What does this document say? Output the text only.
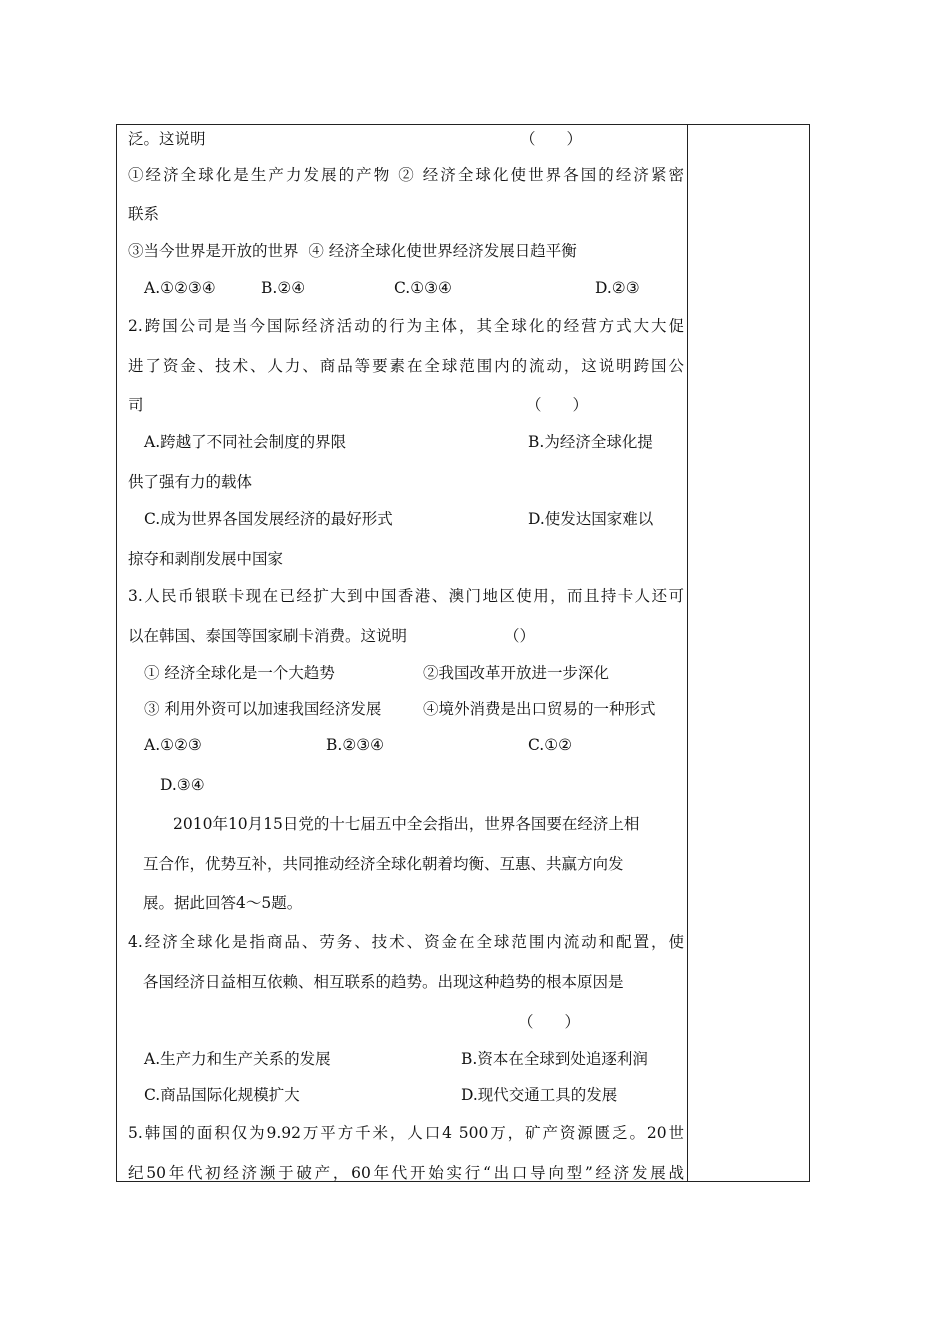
泛。这说明	（　　）
①经济全球化是生产力发展的产物 ② 经济全球化使世界各国的经济紧密
联系
③当今世界是开放的世界  ④ 经济全球化使世界经济发展日趋平衡
A.①②③④	B.②④	C.①③④	D.②③
2.跨国公司是当今国际经济活动的行为主体，其全球化的经营方式大大促
进了资金、技术、人力、商品等要素在全球范围内的流动，这说明跨国公
司	（　　）
A.跨越了不同社会制度的界限	B.为经济全球化提
供了强有力的载体
C.成为世界各国发展经济的最好形式	D.使发达国家难以
掠夺和剥削发展中国家
3.人民币银联卡现在已经扩大到中国香港、澳门地区使用，而且持卡人还可
以在韩国、泰国等国家刷卡消费。这说明	（）
① 经济全球化是一个大趋势	②我国改革开放进一步深化
③ 利用外资可以加速我国经济发展	④境外消费是出口贸易的一种形式
A.①②③	B.②③④	C.①②
D.③④
2010年10月15日党的十七届五中全会指出，世界各国要在经济上相
互合作，优势互补，共同推动经济全球化朝着均衡、互惠、共赢方向发
展。据此回答4～5题。
4.经济全球化是指商品、劳务、技术、资金在全球范围内流动和配置，使
各国经济日益相互依赖、相互联系的趋势。出现这种趋势的根本原因是
（　　）
A.生产力和生产关系的发展	B.资本在全球到处追逐利润
C.商品国际化规模扩大	D.现代交通工具的发展
5.韩国的面积仅为9.92万平方千米，人口4 500万，矿产资源匮乏。20世
纪50年代初经济濒于破产，60年代开始实行“出口导向型”经济发展战
